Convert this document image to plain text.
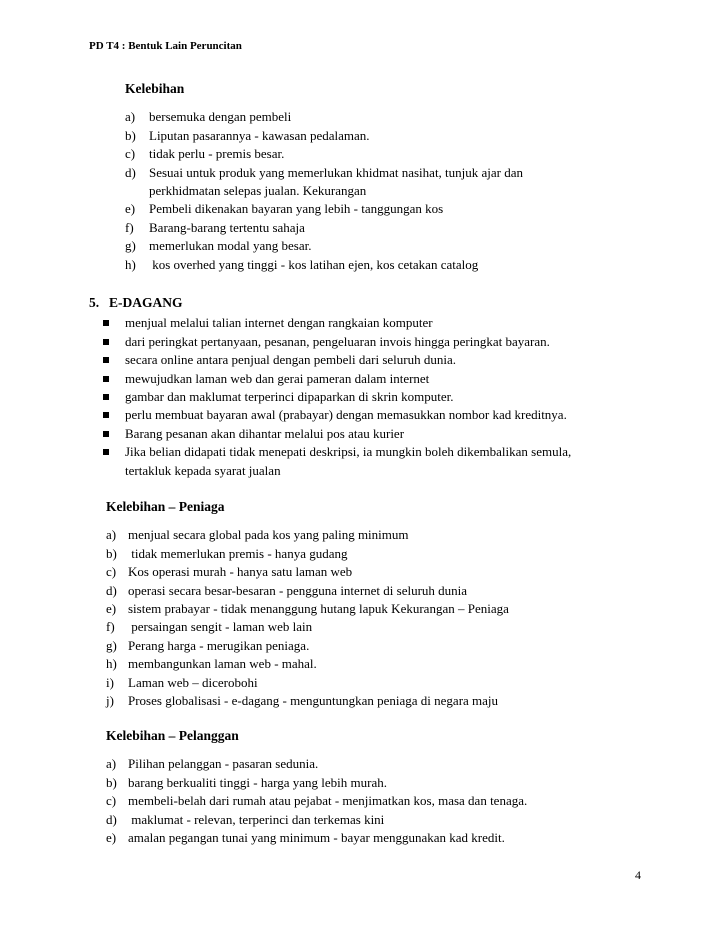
PD T4 : Bentuk Lain Peruncitan
Kelebihan
a) bersemuka dengan pembeli
b) Liputan pasarannya - kawasan pedalaman.
c) tidak perlu - premis besar.
d) Sesuai untuk produk yang memerlukan khidmat nasihat, tunjuk ajar dan
perkhidmatan selepas jualan. Kekurangan
e) Pembeli dikenakan bayaran yang lebih - tanggungan kos
f) Barang-barang tertentu sahaja
g) memerlukan modal yang besar.
h) kos overhed yang tinggi - kos latihan ejen, kos cetakan catalog
5. E-DAGANG
menjual melalui talian internet dengan rangkaian komputer
dari peringkat pertanyaan, pesanan, pengeluaran invois hingga peringkat bayaran.
secara online antara penjual dengan pembeli dari seluruh dunia.
mewujudkan laman web dan gerai pameran dalam internet
gambar dan maklumat terperinci dipaparkan di skrin komputer.
perlu membuat bayaran awal (prabayar) dengan memasukkan nombor kad kreditnya.
Barang pesanan akan dihantar melalui pos atau kurier
Jika belian didapati tidak menepati deskripsi, ia mungkin boleh dikembalikan semula,
tertakluk kepada syarat jualan
Kelebihan – Peniaga
a) menjual secara global pada kos yang paling minimum
b) tidak memerlukan premis - hanya gudang
c) Kos operasi murah - hanya satu laman web
d) operasi secara besar-besaran - pengguna internet di seluruh dunia
e) sistem prabayar - tidak menanggung hutang lapuk Kekurangan – Peniaga
f) persaingan sengit - laman web lain
g) Perang harga - merugikan peniaga.
h) membangunkan laman web - mahal.
i) Laman web – dicerobohi
j) Proses globalisasi - e-dagang - menguntungkan peniaga di negara maju
Kelebihan – Pelanggan
a) Pilihan pelanggan - pasaran sedunia.
b) barang berkualiti tinggi - harga yang lebih murah.
c) membeli-belah dari rumah atau pejabat - menjimatkan kos, masa dan tenaga.
d) maklumat - relevan, terperinci dan terkemas kini
e) amalan pegangan tunai yang minimum - bayar menggunakan kad kredit.
4
